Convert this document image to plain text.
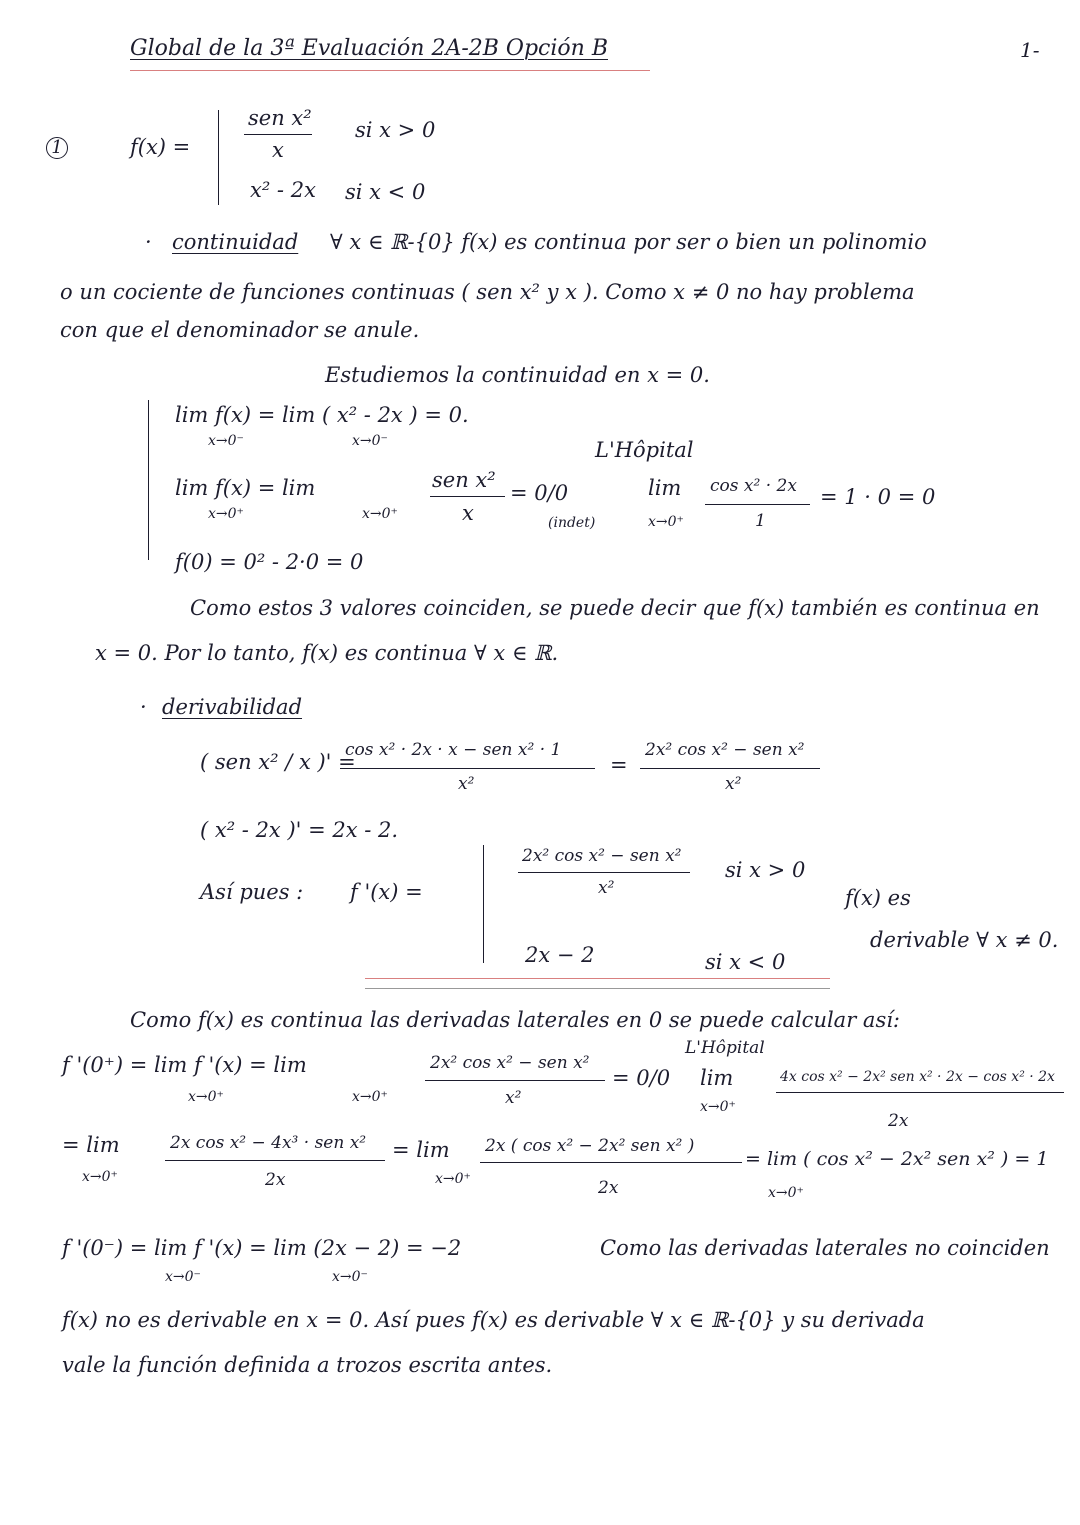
Global de la 3ª Evaluación 2A-2B Opción B	1-
1	f(x) =
sen x²
x
si x > 0
x² - 2x si x < 0
· continuidad ∀ x ∈ ℝ-{0} f(x) es continua por ser o bien un polinomio
o un cociente de funciones continuas ( sen x² y x ). Como x ≠ 0 no hay problema
con que el denominador se anule.
Estudiemos la continuidad en x = 0.
lim f(x) = lim ( x² - 2x ) = 0.
x→0⁻	x→0⁻
lim f(x) = lim
x→0⁺	x→0⁺
sen x²
x
= 0/0
(indet)
L'Hôpital
lim
x→0⁺
cos x² · 2x
1
= 1 · 0 = 0
f(0) = 0² - 2·0 = 0
Como estos 3 valores coinciden, se puede decir que f(x) también es continua en
x = 0. Por lo tanto, f(x) es continua ∀ x ∈ ℝ.
· derivabilidad
( sen x² / x )' =
cos x² · 2x · x − sen x² · 1
x²
=
2x² cos x² − sen x²
x²
( x² - 2x )' = 2x - 2.
Así pues : f '(x) =
2x² cos x² − sen x²
x²
si x > 0
2x − 2	si x < 0
f(x) es
derivable ∀ x ≠ 0.
Como f(x) es continua las derivadas laterales en 0 se puede calcular así:
f '(0⁺) = lim f '(x) = lim
x→0⁺	x→0⁺
2x² cos x² − sen x²
x²
= 0/0
L'Hôpital
lim
x→0⁺
4x cos x² − 2x² sen x² · 2x − cos x² · 2x
2x
= lim
x→0⁺
2x cos x² − 4x³ · sen x²
2x
= lim
x→0⁺
2x ( cos x² − 2x² sen x² )
2x
= lim ( cos x² − 2x² sen x² ) = 1
x→0⁺
f '(0⁻) = lim f '(x) = lim (2x − 2) = −2
x→0⁻	x→0⁻
Como las derivadas laterales no coinciden
f(x) no es derivable en x = 0. Así pues f(x) es derivable ∀ x ∈ ℝ-{0} y su derivada
vale la función definida a trozos escrita antes.
